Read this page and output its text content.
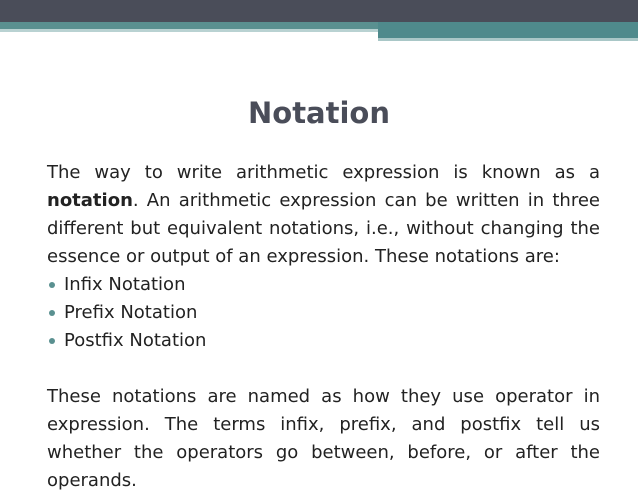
Notation

The way to write arithmetic expression is known as a notation. An arithmetic expression can be written in three different but equivalent notations, i.e., without changing the essence or output of an expression. These notations are:

Infix Notation
Prefix Notation
Postfix Notation

These notations are named as how they use operator in expression. The terms infix, prefix, and postfix tell us whether the operators go between, before, or after the operands.
